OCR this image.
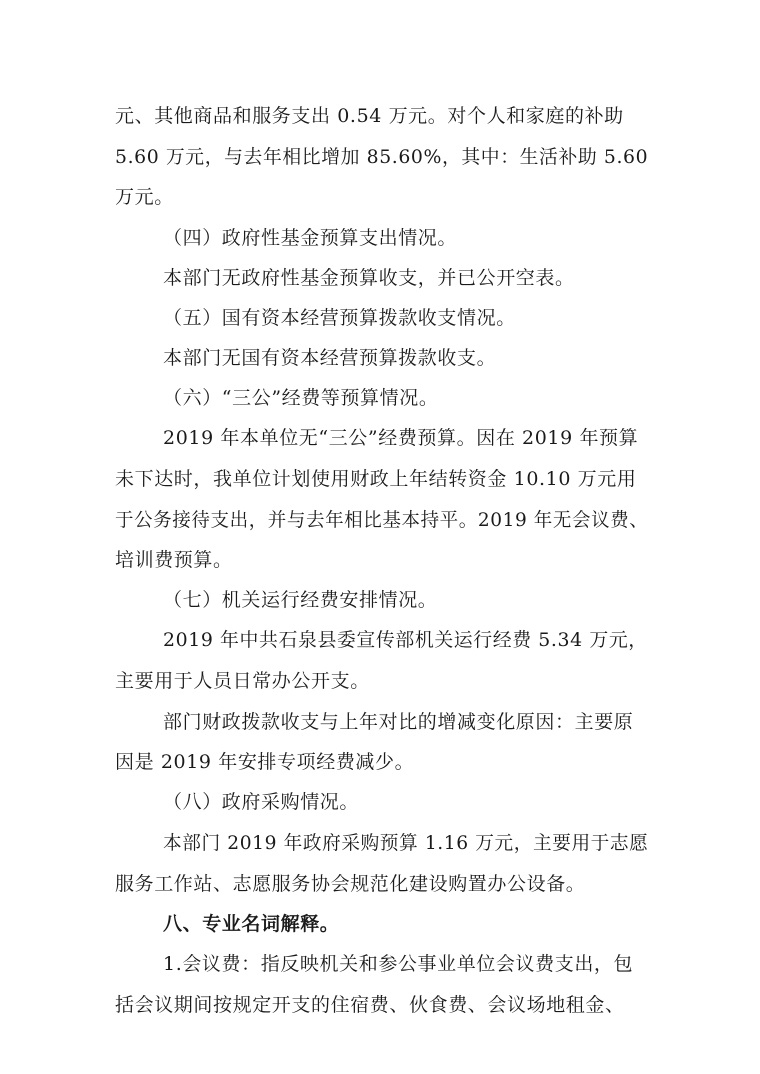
元、其他商品和服务支出 0.54 万元。对个人和家庭的补助
5.60 万元，与去年相比增加 85.60%，其中：生活补助 5.60
万元。
（四）政府性基金预算支出情况。
本部门无政府性基金预算收支，并已公开空表。
（五）国有资本经营预算拨款收支情况。
本部门无国有资本经营预算拨款收支。
（六）“三公”经费等预算情况。
2019 年本单位无“三公”经费预算。因在 2019 年预算
未下达时，我单位计划使用财政上年结转资金 10.10 万元用
于公务接待支出，并与去年相比基本持平。2019 年无会议费、
培训费预算。
（七）机关运行经费安排情况。
2019 年中共石泉县委宣传部机关运行经费 5.34 万元，
主要用于人员日常办公开支。
部门财政拨款收支与上年对比的增减变化原因：主要原
因是 2019 年安排专项经费减少。
（八）政府采购情况。
本部门 2019 年政府采购预算 1.16 万元，主要用于志愿
服务工作站、志愿服务协会规范化建设购置办公设备。
八、专业名词解释。
1.会议费：指反映机关和参公事业单位会议费支出，包
括会议期间按规定开支的住宿费、伙食费、会议场地租金、
